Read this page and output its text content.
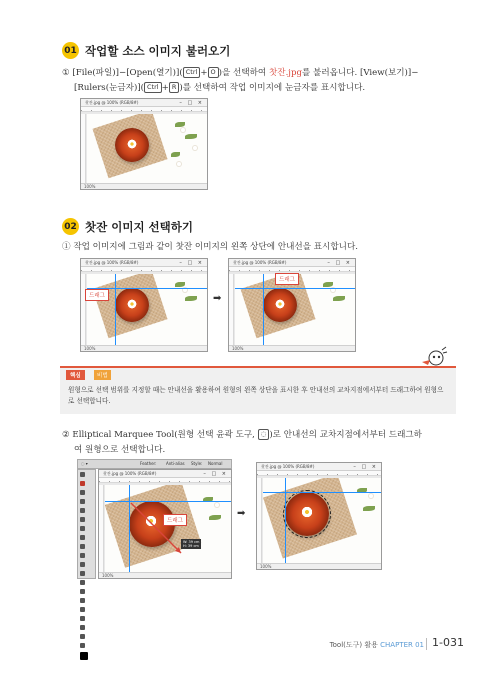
01 작업할 소스 이미지 불러오기
① [File(파일)]−[Open(열기)]( Ctrl + O )을 선택하여 찻잔.jpg를 불러옵니다. [View(보기)]−
[Rulers(눈금자)]( Ctrl + R )를 선택하여 작업 이미지에 눈금자를 표시합니다.
찻잔.jpg @ 100% (RGB/8#)	– □ ×
100%
02 찻잔 이미지 선택하기
① 작업 이미지에 그림과 같이 찻잔 이미지의 왼쪽 상단에 안내선을 표시합니다.
찻잔.jpg @ 100% (RGB/8#)	– □ ×
드래그
100%
➡
찻잔.jpg @ 100% (RGB/8#)	– □ ×
드래그
100%
핵심	비법
원형으로 선택 범위를 지정할 때는 안내선을 활용하여 원형의 왼쪽 상단을 표시한 후 안내선의 교차지점에서부터 드래그하여 원형으로 선택합니다.
② Elliptical Marquee Tool(원형 선택 윤곽 도구, ◌ )로 안내선의 교차지점에서부터 드래그하
여 원형으로 선택합니다.
◌ ▾	Feather: Anti-alias Style: Normal
찻잔.jpg @ 100% (RGB/8#)	– □ ×
W: 39 cm
H: 39 cm
드래그
100%
➡
찻잔.jpg @ 100% (RGB/8#)	– □ ×
100%
Tool(도구) 활용 CHAPTER 01 1-031
